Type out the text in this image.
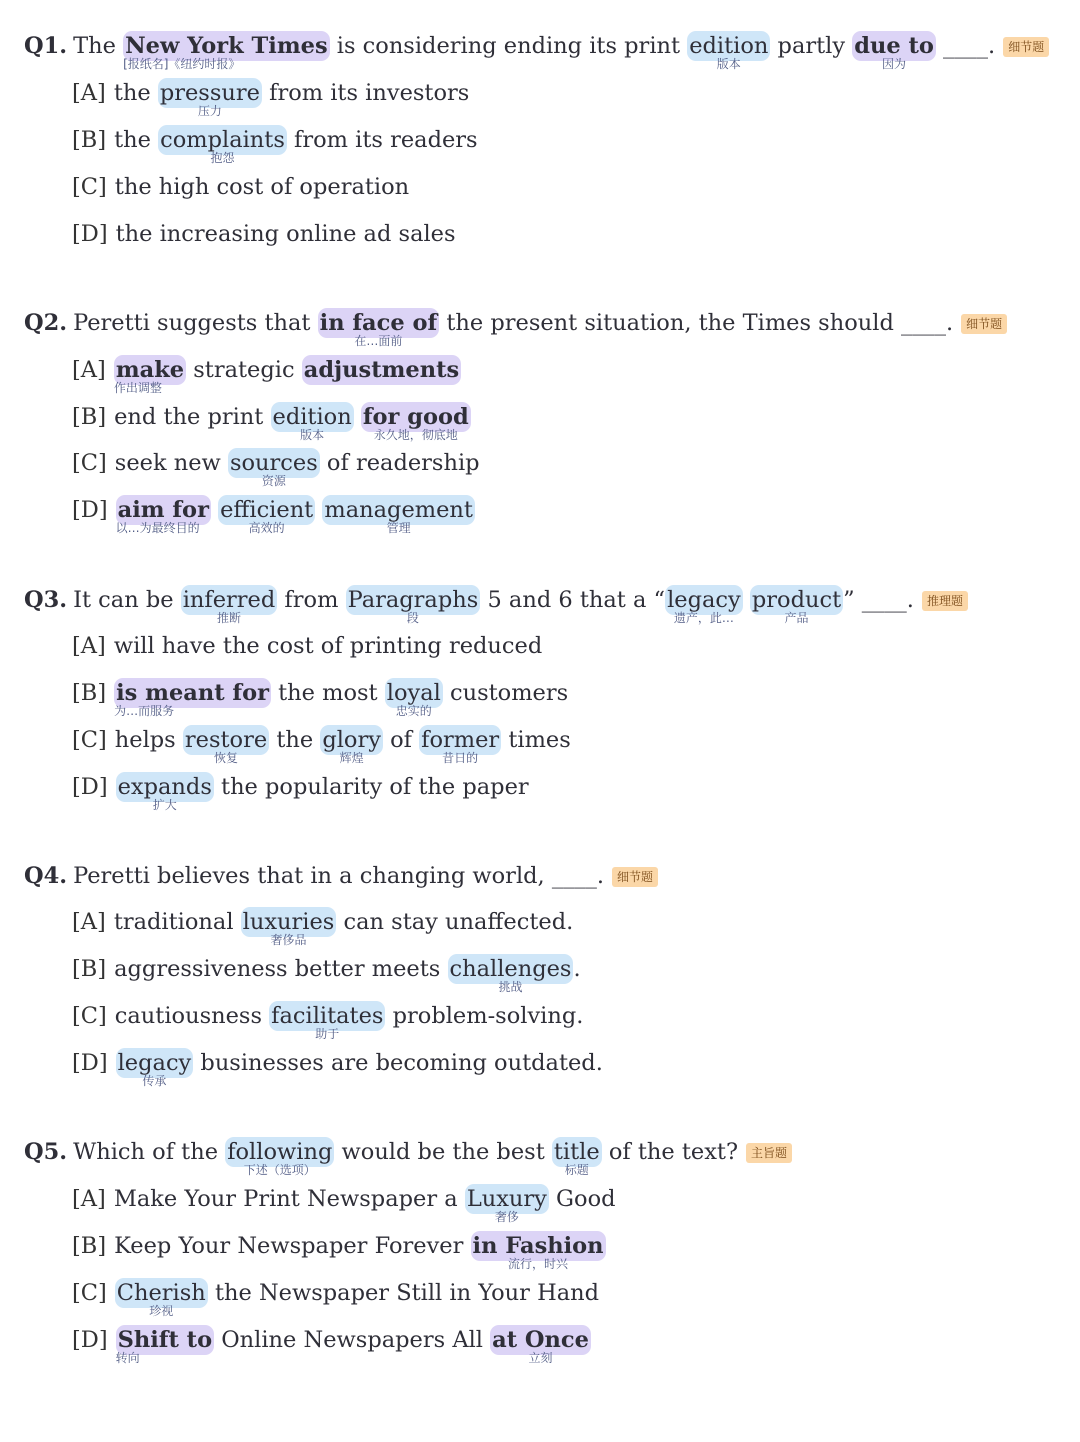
Q1. The New York Times
[报纸名]《纽约时报》
is considering ending its print edition
版本
partly due to
因为
____. 细节题
[A] the pressure
压力
from its investors
[B] the complaints
抱怨
from its readers
[C] the high cost of operation
[D] the increasing online ad sales
Q2. Peretti suggests that in face of
在…面前
the present situation, the Times should ____. 细节题
[A] make
作出调整
strategic adjustments
[B] end the print edition
版本
for good
永久地，彻底地
[C] seek new sources
资源
of readership
[D] aim for
以…为最终目的
efficient
高效的
management
管理
Q3. It can be inferred
推断
from Paragraphs
段
5 and 6 that a “legacy
遗产，此…
product
产品
” ____. 推理题
[A] will have the cost of printing reduced
[B] is meant for
为…而服务
the most loyal
忠实的
customers
[C] helps restore
恢复
the glory
辉煌
of former
昔日的
times
[D] expands
扩大
the popularity of the paper
Q4. Peretti believes that in a changing world, ____. 细节题
[A] traditional luxuries
奢侈品
can stay unaffected.
[B] aggressiveness better meets challenges
挑战
.
[C] cautiousness facilitates
助于
problem-solving.
[D] legacy
传承
businesses are becoming outdated.
Q5. Which of the following
下述（选项）
would be the best title
标题
of the text? 主旨题
[A] Make Your Print Newspaper a Luxury
奢侈
Good
[B] Keep Your Newspaper Forever in Fashion
流行，时兴
[C] Cherish
珍视
the Newspaper Still in Your Hand
[D] Shift to
转向
Online Newspapers All at Once
立刻
